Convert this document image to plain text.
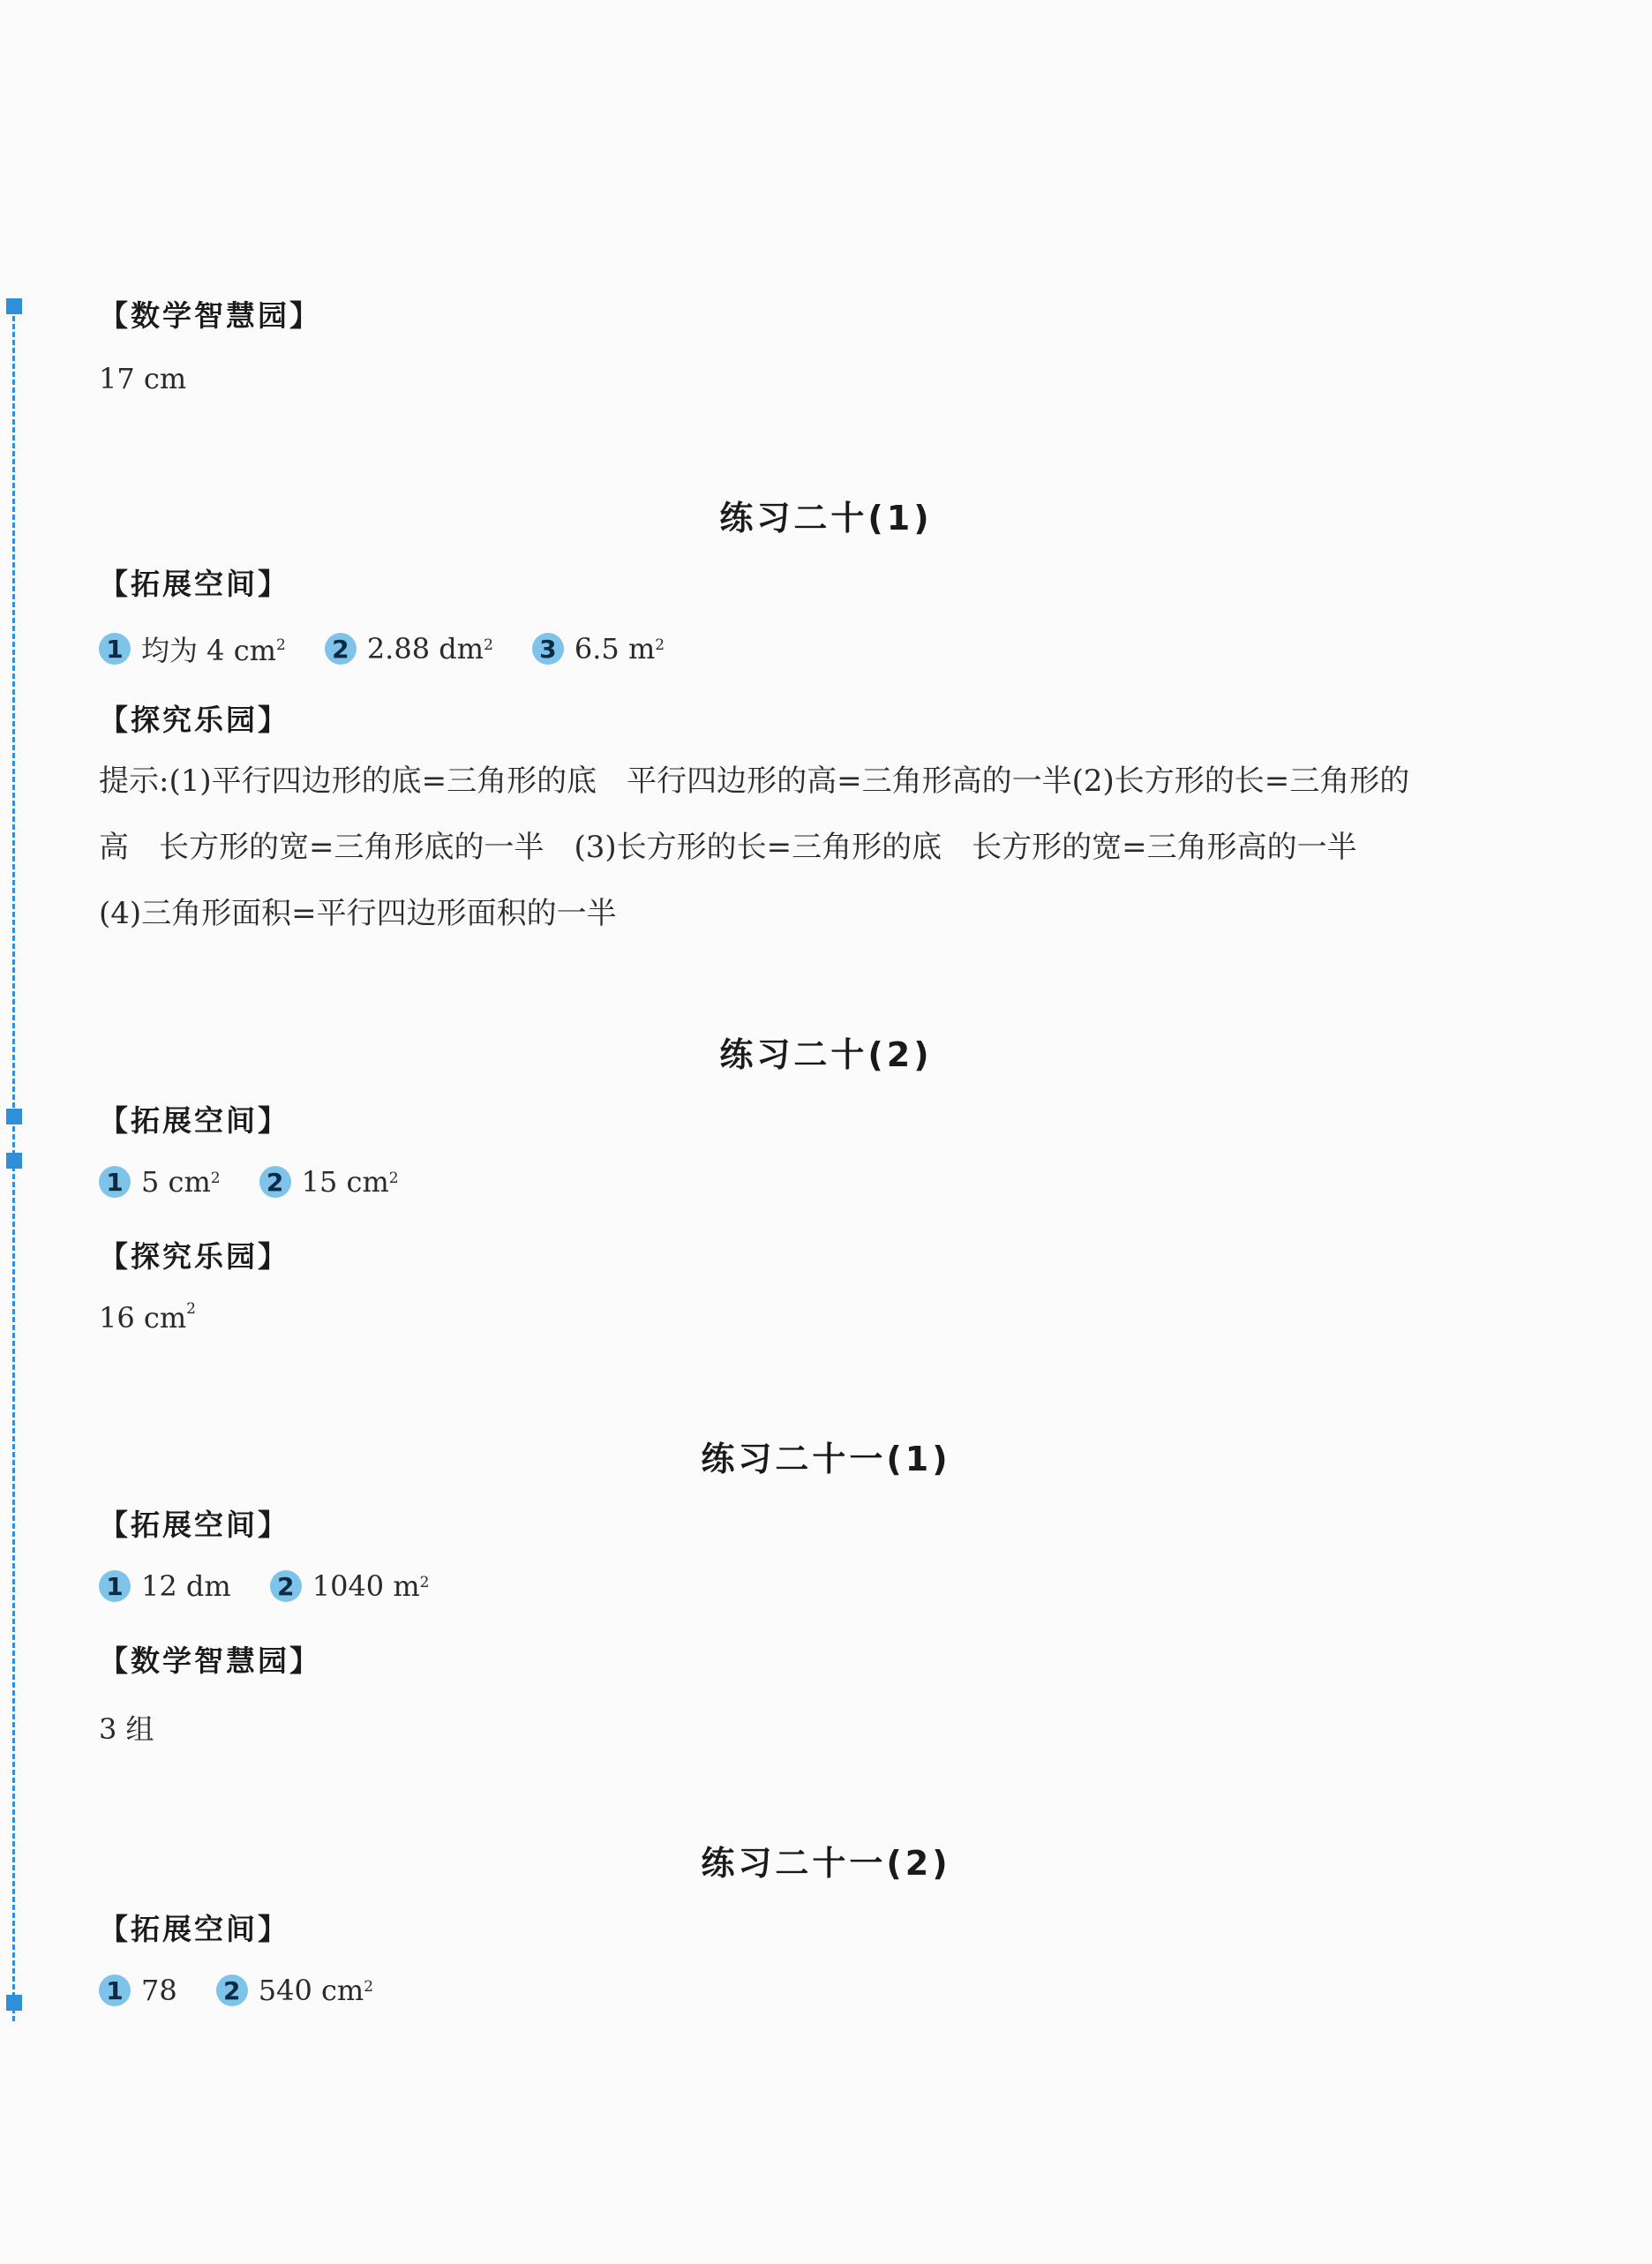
【数学智慧园】
17 cm
练习二十(1)
【拓展空间】
1 均为 4 $cm^2$ 2 2.88 $dm^2$ 3 6.5 $m^2$
【探究乐园】
提示:(1)平行四边形的底=三角形的底　平行四边形的高=三角形高的一半(2)长方形的长=三角形的高　长方形的宽=三角形底的一半　(3)长方形的长=三角形的底　长方形的宽=三角形高的一半　(4)三角形面积=平行四边形面积的一半
练习二十(2)
【拓展空间】
1 5 $cm^2$ 2 15 $cm^2$
【探究乐园】
16 $cm^2$
练习二十一(1)
【拓展空间】
1 12 dm 2 1040 $m^2$
【数学智慧园】
3 组
练习二十一(2)
【拓展空间】
1 78 2 540 $cm^2$
